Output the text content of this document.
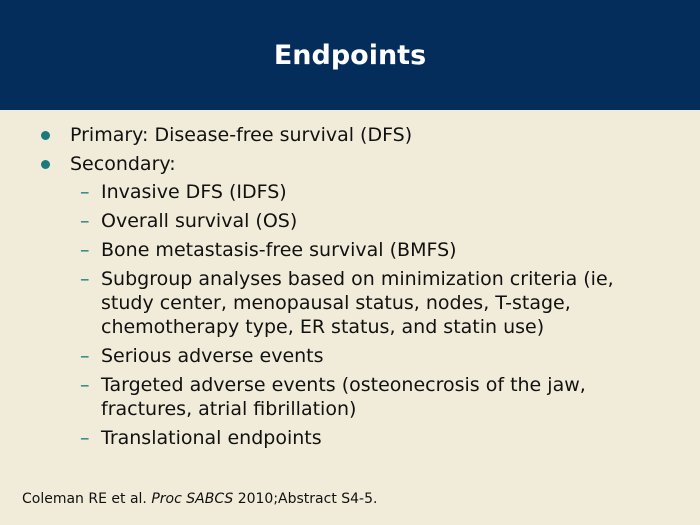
Endpoints
Primary: Disease-free survival (DFS)
Secondary:
– Invasive DFS (IDFS)
– Overall survival (OS)
– Bone metastasis-free survival (BMFS)
– Subgroup analyses based on minimization criteria (ie, study center, menopausal status, nodes, T-stage, chemotherapy type, ER status, and statin use)
– Serious adverse events
– Targeted adverse events (osteonecrosis of the jaw, fractures, atrial fibrillation)
– Translational endpoints
Coleman RE et al. Proc SABCS 2010;Abstract S4-5.
